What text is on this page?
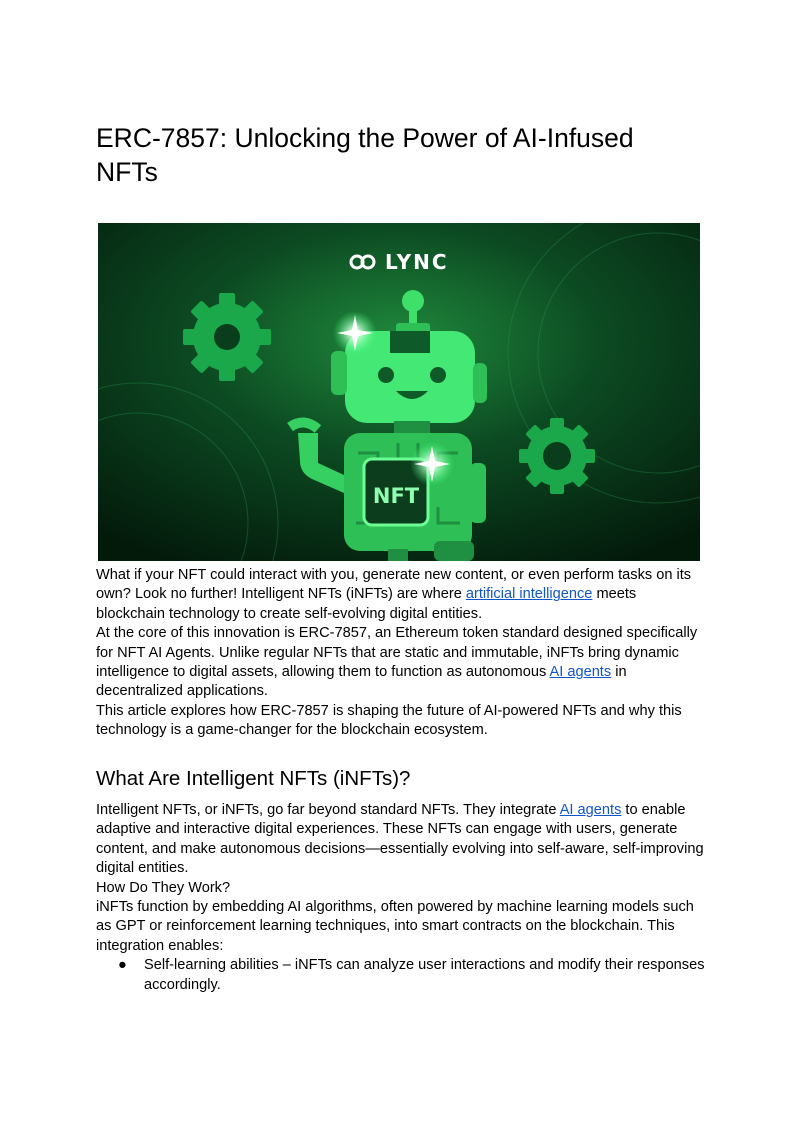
ERC-7857: Unlocking the Power of AI-Infused NFTs
LYNC
NFT

What if your NFT could interact with you, generate new content, or even perform tasks on its own? Look no further! Intelligent NFTs (iNFTs) are where artificial intelligence meets blockchain technology to create self-evolving digital entities.

At the core of this innovation is ERC-7857, an Ethereum token standard designed specifically for NFT AI Agents. Unlike regular NFTs that are static and immutable, iNFTs bring dynamic intelligence to digital assets, allowing them to function as autonomous AI agents in decentralized applications.

This article explores how ERC-7857 is shaping the future of AI-powered NFTs and why this technology is a game-changer for the blockchain ecosystem.

What Are Intelligent NFTs (iNFTs)?

Intelligent NFTs, or iNFTs, go far beyond standard NFTs. They integrate AI agents to enable adaptive and interactive digital experiences. These NFTs can engage with users, generate content, and make autonomous decisions—essentially evolving into self-aware, self-improving digital entities.

How Do They Work?

iNFTs function by embedding AI algorithms, often powered by machine learning models such as GPT or reinforcement learning techniques, into smart contracts on the blockchain. This integration enables:

● Self-learning abilities – iNFTs can analyze user interactions and modify their responses accordingly.
